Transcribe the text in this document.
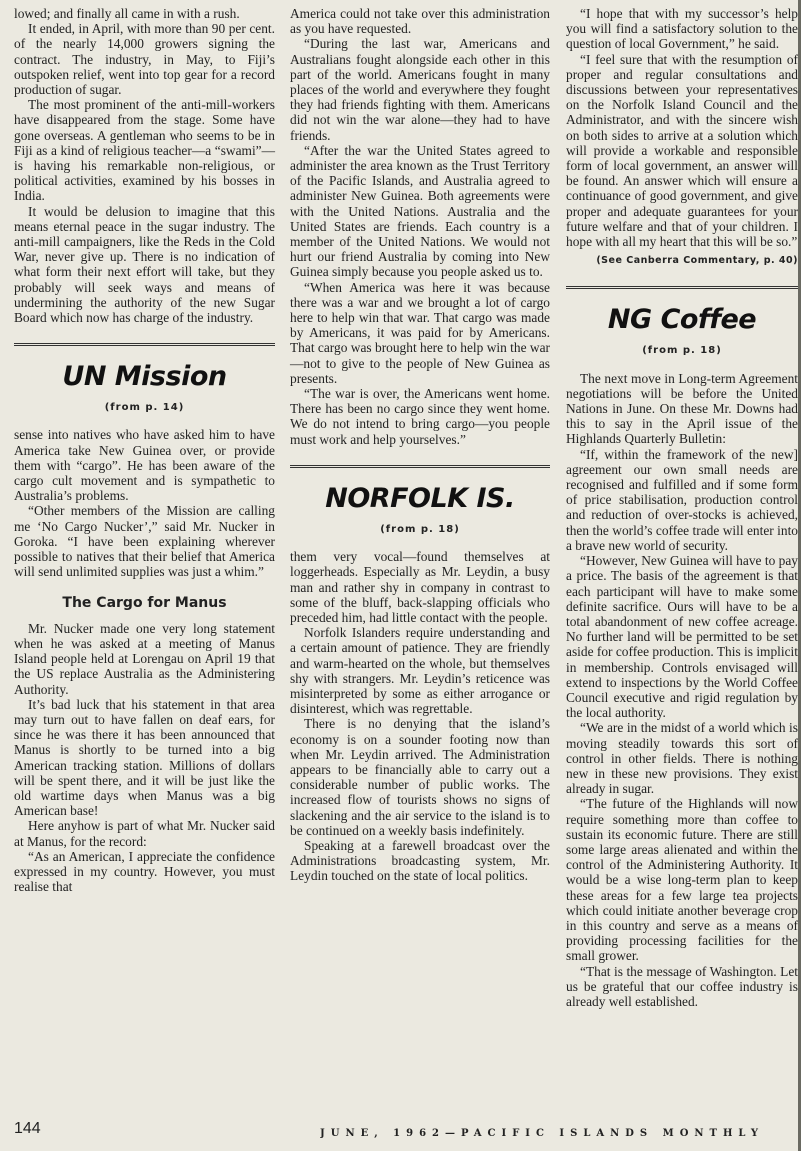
lowed; and finally all came in with a rush.

It ended, in April, with more than 90 per cent. of the nearly 14,000 growers signing the contract. The industry, in May, to Fiji’s outspoken relief, went into top gear for a record production of sugar.

The most prominent of the anti-mill-workers have disappeared from the stage. Some have gone overseas. A gentleman who seems to be in Fiji as a kind of religious teacher—a “swami”—is having his remarkable non-religious, or political activities, examined by his bosses in India.

It would be delusion to imagine that this means eternal peace in the sugar industry. The anti-mill campaigners, like the Reds in the Cold War, never give up. There is no indication of what form their next effort will take, but they probably will seek ways and means of undermining the authority of the new Sugar Board which now has charge of the industry.

UN Mission
(from p. 14)

sense into natives who have asked him to have America take New Guinea over, or provide them with “cargo”. He has been aware of the cargo cult movement and is sympathetic to Australia’s problems.

“Other members of the Mission are calling me ‘No Cargo Nucker’,” said Mr. Nucker in Goroka. “I have been explaining wherever possible to natives that their belief that America will send unlimited supplies was just a whim.”

The Cargo for Manus

Mr. Nucker made one very long statement when he was asked at a meeting of Manus Island people held at Lorengau on April 19 that the US replace Australia as the Administering Authority.

It’s bad luck that his statement in that area may turn out to have fallen on deaf ears, for since he was there it has been announced that Manus is shortly to be turned into a big American tracking station. Millions of dollars will be spent there, and it will be just like the old wartime days when Manus was a big American base!

Here anyhow is part of what Mr. Nucker said at Manus, for the record:

“As an American, I appreciate the confidence expressed in my country. However, you must realise that

America could not take over this administration as you have requested.

“During the last war, Americans and Australians fought alongside each other in this part of the world. Americans fought in many places of the world and everywhere they fought they had friends fighting with them. Americans did not win the war alone—they had to have friends.

“After the war the United States agreed to administer the area known as the Trust Territory of the Pacific Islands, and Australia agreed to administer New Guinea. Both agreements were with the United Nations. Australia and the United States are friends. Each country is a member of the United Nations. We would not hurt our friend Australia by coming into New Guinea simply because you people asked us to.

“When America was here it was because there was a war and we brought a lot of cargo here to help win that war. That cargo was made by Americans, it was paid for by Americans. That cargo was brought here to help win the war—not to give to the people of New Guinea as presents.

“The war is over, the Americans went home. There has been no cargo since they went home. We do not intend to bring cargo—you people must work and help yourselves.”

NORFOLK IS.
(from p. 18)

them very vocal—found themselves at loggerheads. Especially as Mr. Leydin, a busy man and rather shy in company in contrast to some of the bluff, back-slapping officials who preceded him, had little contact with the people.

Norfolk Islanders require understanding and a certain amount of patience. They are friendly and warm-hearted on the whole, but themselves shy with strangers. Mr. Leydin’s reticence was misinterpreted by some as either arrogance or disinterest, which was regrettable.

There is no denying that the island’s economy is on a sounder footing now than when Mr. Leydin arrived. The Administration appears to be financially able to carry out a considerable number of public works. The increased flow of tourists shows no signs of slackening and the air service to the island is to be continued on a weekly basis indefinitely.

Speaking at a farewell broadcast over the Administrations broadcasting system, Mr. Leydin touched on the state of local politics.

“I hope that with my successor’s help you will find a satisfactory solution to the question of local Government,” he said.

“I feel sure that with the resumption of proper and regular consultations and discussions between your representatives on the Norfolk Island Council and the Administrator, and with the sincere wish on both sides to arrive at a solution which will provide a workable and responsible form of local government, an answer will be found. An answer which will ensure a continuance of good government, and give proper and adequate guarantees for your future welfare and that of your children. I hope with all my heart that this will be so.”

(See Canberra Commentary, p. 40)
NG Coffee
(from p. 18)

The next move in Long-term Agreement negotiations will be before the United Nations in June. On these Mr. Downs had this to say in the April issue of the Highlands Quarterly Bulletin:

“If, within the framework of the new] agreement our own small needs are recognised and fulfilled and if some form of price stabilisation, production control and reduction of over-stocks is achieved, then the world’s coffee trade will enter into a brave new world of security.

“However, New Guinea will have to pay a price. The basis of the agreement is that each participant will have to make some definite sacrifice. Ours will have to be a total abandonment of new coffee acreage. No further land will be permitted to be set aside for coffee production. This is implicit in membership. Controls envisaged will extend to inspections by the World Coffee Council executive and rigid regulation by the local authority.

“We are in the midst of a world which is moving steadily towards this sort of control in other fields. There is nothing new in these new provisions. They exist already in sugar.

“The future of the Highlands will now require something more than coffee to sustain its economic future. There are still some large areas alienated and within the control of the Administering Authority. It would be a wise long-term plan to keep these areas for a few large tea projects which could initiate another beverage crop in this country and serve as a means of providing processing facilities for the small grower.

“That is the message of Washington. Let us be grateful that our coffee industry is already well established.

144	JUNE, 1962—PACIFIC ISLANDS MONTHLY
